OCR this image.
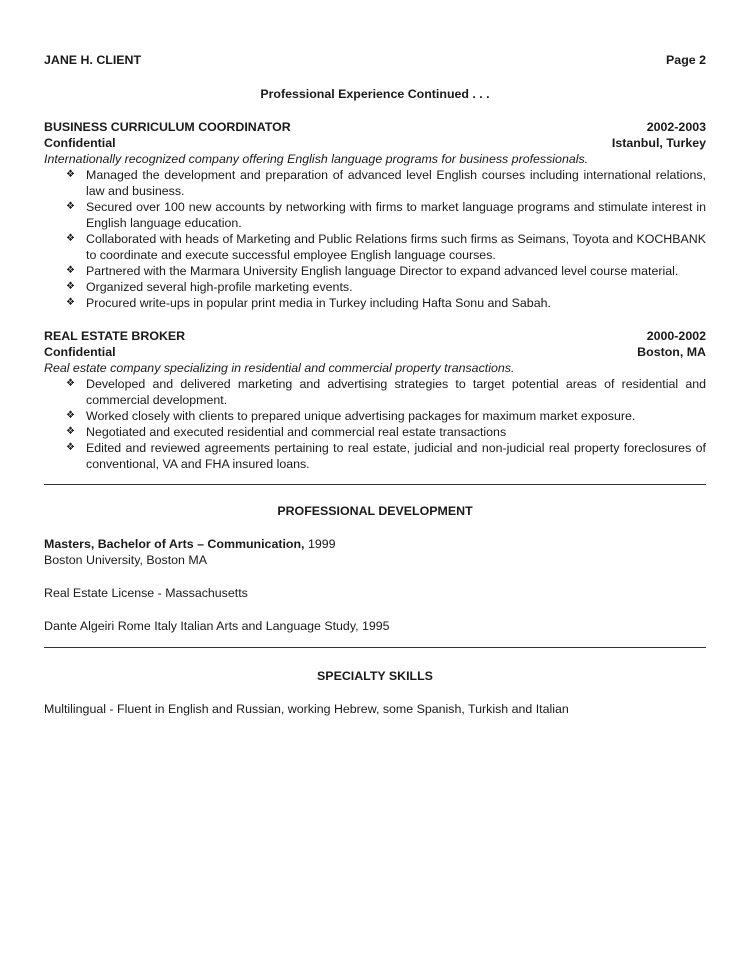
JANE H. CLIENT	Page 2
Professional Experience Continued . . .
BUSINESS CURRICULUM COORDINATOR	2002-2003
Confidential	Istanbul, Turkey
Internationally recognized company offering English language programs for business professionals.
❖ Managed the development and preparation of advanced level English courses including international relations, law and business.
❖ Secured over 100 new accounts by networking with firms to market language programs and stimulate interest in English language education.
❖ Collaborated with heads of Marketing and Public Relations firms such firms as Seimans, Toyota and KOCHBANK to coordinate and execute successful employee English language courses.
❖ Partnered with the Marmara University English language Director to expand advanced level course material.
❖ Organized several high-profile marketing events.
❖ Procured write-ups in popular print media in Turkey including Hafta Sonu and Sabah.
REAL ESTATE BROKER	2000-2002
Confidential	Boston, MA
Real estate company specializing in residential and commercial property transactions.
❖ Developed and delivered marketing and advertising strategies to target potential areas of residential and commercial development.
❖ Worked closely with clients to prepared unique advertising packages for maximum market exposure.
❖ Negotiated and executed residential and commercial real estate transactions
❖ Edited and reviewed agreements pertaining to real estate, judicial and non-judicial real property foreclosures of conventional, VA and FHA insured loans.
PROFESSIONAL DEVELOPMENT
Masters, Bachelor of Arts – Communication, 1999
Boston University, Boston MA
Real Estate License - Massachusetts
Dante Algeiri Rome Italy Italian Arts and Language Study, 1995
SPECIALTY SKILLS
Multilingual - Fluent in English and Russian, working Hebrew, some Spanish, Turkish and Italian
